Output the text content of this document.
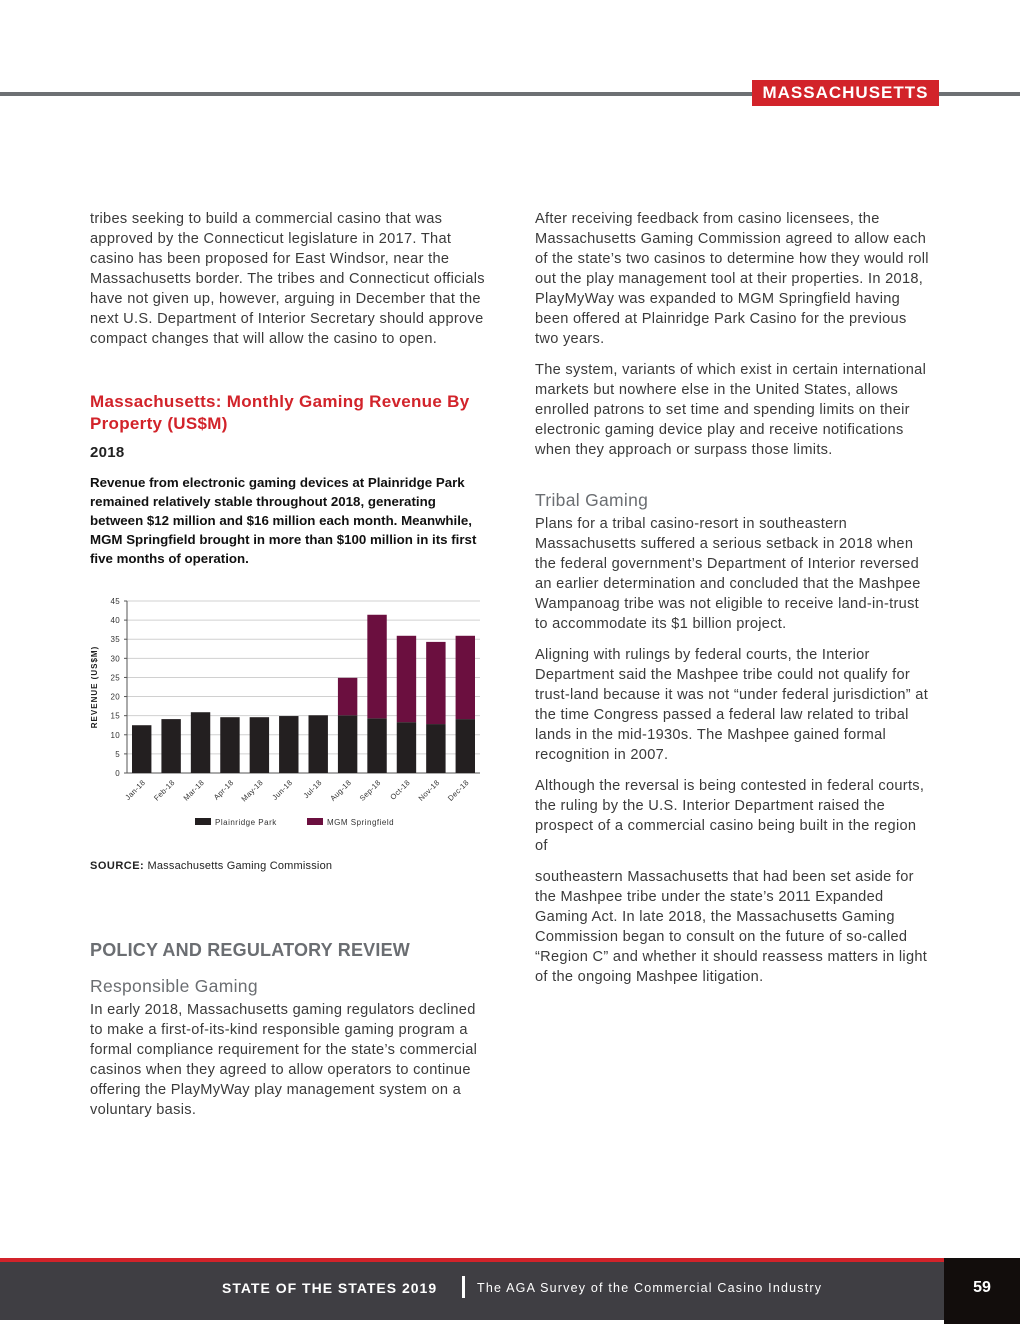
MASSACHUSETTS

tribes seeking to build a commercial casino that was approved by the Connecticut legislature in 2017. That casino has been proposed for East Windsor, near the Massachusetts border. The tribes and Connecticut officials have not given up, however, arguing in December that the next U.S. Department of Interior Secretary should approve compact changes that will allow the casino to open.

Massachusetts: Monthly Gaming Revenue By Property (US$M)
2018
Revenue from electronic gaming devices at Plainridge Park remained relatively stable throughout 2018, generating between $12 million and $16 million each month. Meanwhile, MGM Springfield brought in more than $100 million in its first five months of operation.
0
5
10
15
20
25
30
35
40
45
REVENUE (US$M)
Jan-18 Feb-18 Mar-18 Apr-18 May-18 Jun-18 Jul-18 Aug-18 Sep-18 Oct-18 Nov-18 Dec-18
Plainridge Park	MGM Springfield
SOURCE: Massachusetts Gaming Commission
POLICY AND REGULATORY REVIEW
Responsible Gaming

In early 2018, Massachusetts gaming regulators declined to make a first-of-its-kind responsible gaming program a formal compliance requirement for the state’s commercial casinos when they agreed to allow operators to continue offering the PlayMyWay play management system on a voluntary basis.

After receiving feedback from casino licensees, the Massachusetts Gaming Commission agreed to allow each of the state’s two casinos to determine how they would roll out the play management tool at their properties. In 2018, PlayMyWay was expanded to MGM Springfield having been offered at Plainridge Park Casino for the previous two years.

The system, variants of which exist in certain international markets but nowhere else in the United States, allows enrolled patrons to set time and spending limits on their electronic gaming device play and receive notifications when they approach or surpass those limits.

Tribal Gaming

Plans for a tribal casino-resort in southeastern Massachusetts suffered a serious setback in 2018 when the federal government’s Department of Interior reversed an earlier determination and concluded that the Mashpee Wampanoag tribe was not eligible to receive land-in-trust to accommodate its $1 billion project.

Aligning with rulings by federal courts, the Interior Department said the Mashpee tribe could not qualify for trust-land because it was not “under federal jurisdiction” at the time Congress passed a federal law related to tribal lands in the mid-1930s. The Mashpee gained formal recognition in 2007.

Although the reversal is being contested in federal courts, the ruling by the U.S. Interior Department raised the prospect of a commercial casino being built in the region of

southeastern Massachusetts that had been set aside for the Mashpee tribe under the state’s 2011 Expanded Gaming Act. In late 2018, the Massachusetts Gaming Commission began to consult on the future of so-called “Region C” and whether it should reassess matters in light of the ongoing Mashpee litigation.

STATE OF THE STATES 2019	The AGA Survey of the Commercial Casino Industry	59
